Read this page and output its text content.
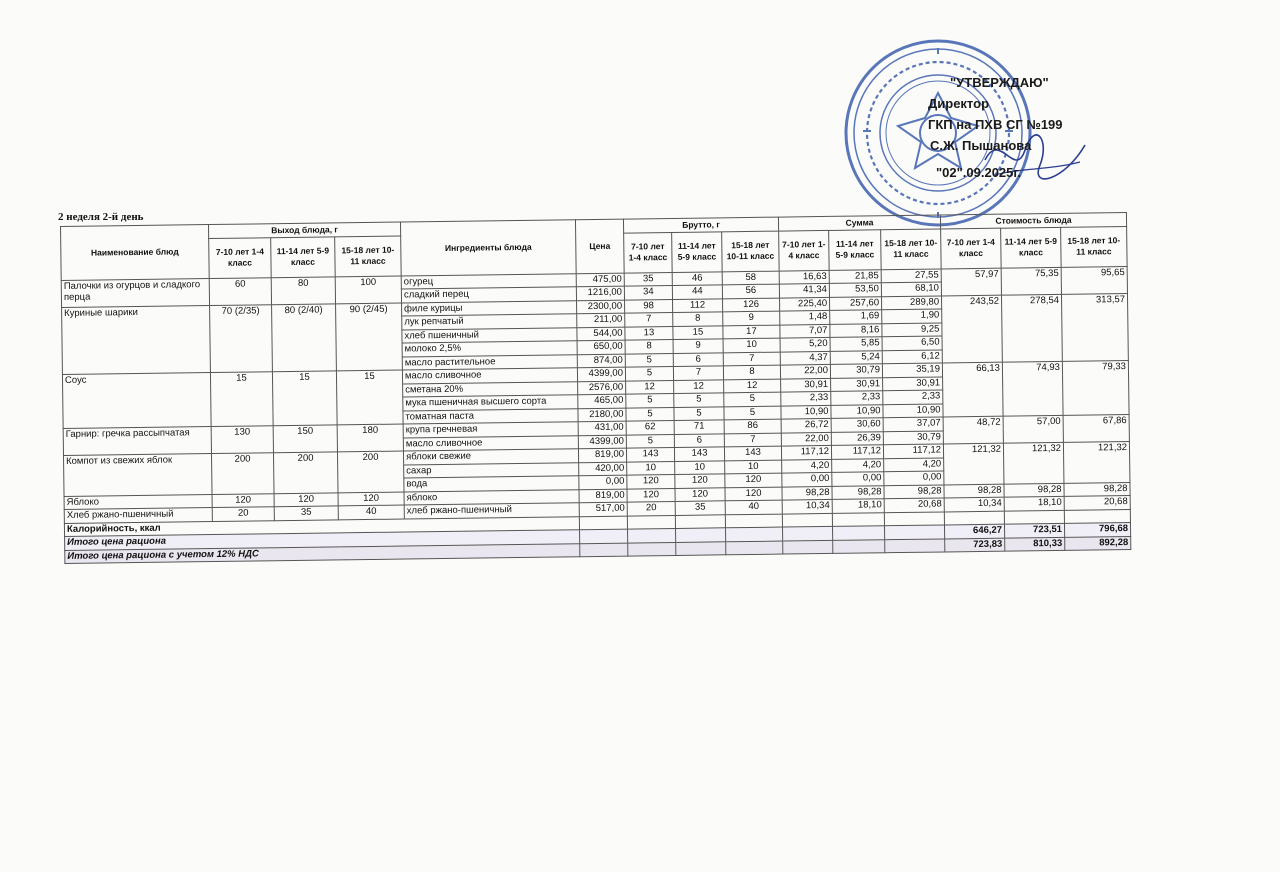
"УТВЕРЖДАЮ"
Директор
ГКП на ПХВ СГ №199
С.Ж. Пышанова
"02".09.2025г.
2 неделя 2-й день
Наименование блюд	Выход блюда, г			Ингредиенты блюда	Цена	Брутто, г			Сумма			Стоимость блюда		
	7-10 лет 1-4 класс	11-14 лет 5-9 класс	15-18 лет 10-11 класс			7-10 лет 1-4 класс	11-14 лет 5-9 класс	15-18 лет 10-11 класс	7-10 лет 1-4 класс	11-14 лет 5-9 класс	15-18 лет 10-11 класс	7-10 лет 1-4 класс	11-14 лет 5-9 класс	15-18 лет 10-11 класс
Палочки из огурцов и сладкого перца	60	80	100	огурец	475,00	35	46	58	16,63	21,85	27,55	57,97	75,35	95,65
				сладкий перец	1216,00	34	44	56	41,34	53,50	68,10			
Куриные шарики	70 (2/35)	80 (2/40)	90 (2/45)	филе курицы	2300,00	98	112	126	225,40	257,60	289,80	243,52	278,54	313,57
				лук репчатый	211,00	7	8	9	1,48	1,69	1,90			
				хлеб пшеничный	544,00	13	15	17	7,07	8,16	9,25			
				молоко 2,5%	650,00	8	9	10	5,20	5,85	6,50			
				масло растительное	874,00	5	6	7	4,37	5,24	6,12			
Соус	15	15	15	масло сливочное	4399,00	5	7	8	22,00	30,79	35,19	66,13	74,93	79,33
				сметана 20%	2576,00	12	12	12	30,91	30,91	30,91			
				мука пшеничная высшего сорта	465,00	5	5	5	2,33	2,33	2,33			
				томатная паста	2180,00	5	5	5	10,90	10,90	10,90			
Гарнир: гречка рассыпчатая	130	150	180	крупа гречневая	431,00	62	71	86	26,72	30,60	37,07	48,72	57,00	67,86
				масло сливочное	4399,00	5	6	7	22,00	26,39	30,79			
Компот из свежих яблок	200	200	200	яблоки свежие	819,00	143	143	143	117,12	117,12	117,12	121,32	121,32	121,32
				сахар	420,00	10	10	10	4,20	4,20	4,20			
				вода	0,00	120	120	120	0,00	0,00	0,00			
Яблоко	120	120	120	яблоко	819,00	120	120	120	98,28	98,28	98,28	98,28	98,28	98,28
Хлеб ржано-пшеничный	20	35	40	хлеб ржано-пшеничный	517,00	20	35	40	10,34	18,10	20,68	10,34	18,10	20,68
Калорийность, ккал														
Итого цена рациона												646,27	723,51	796,68
Итого цена рациона с учетом 12% НДС												723,83	810,33	892,28
